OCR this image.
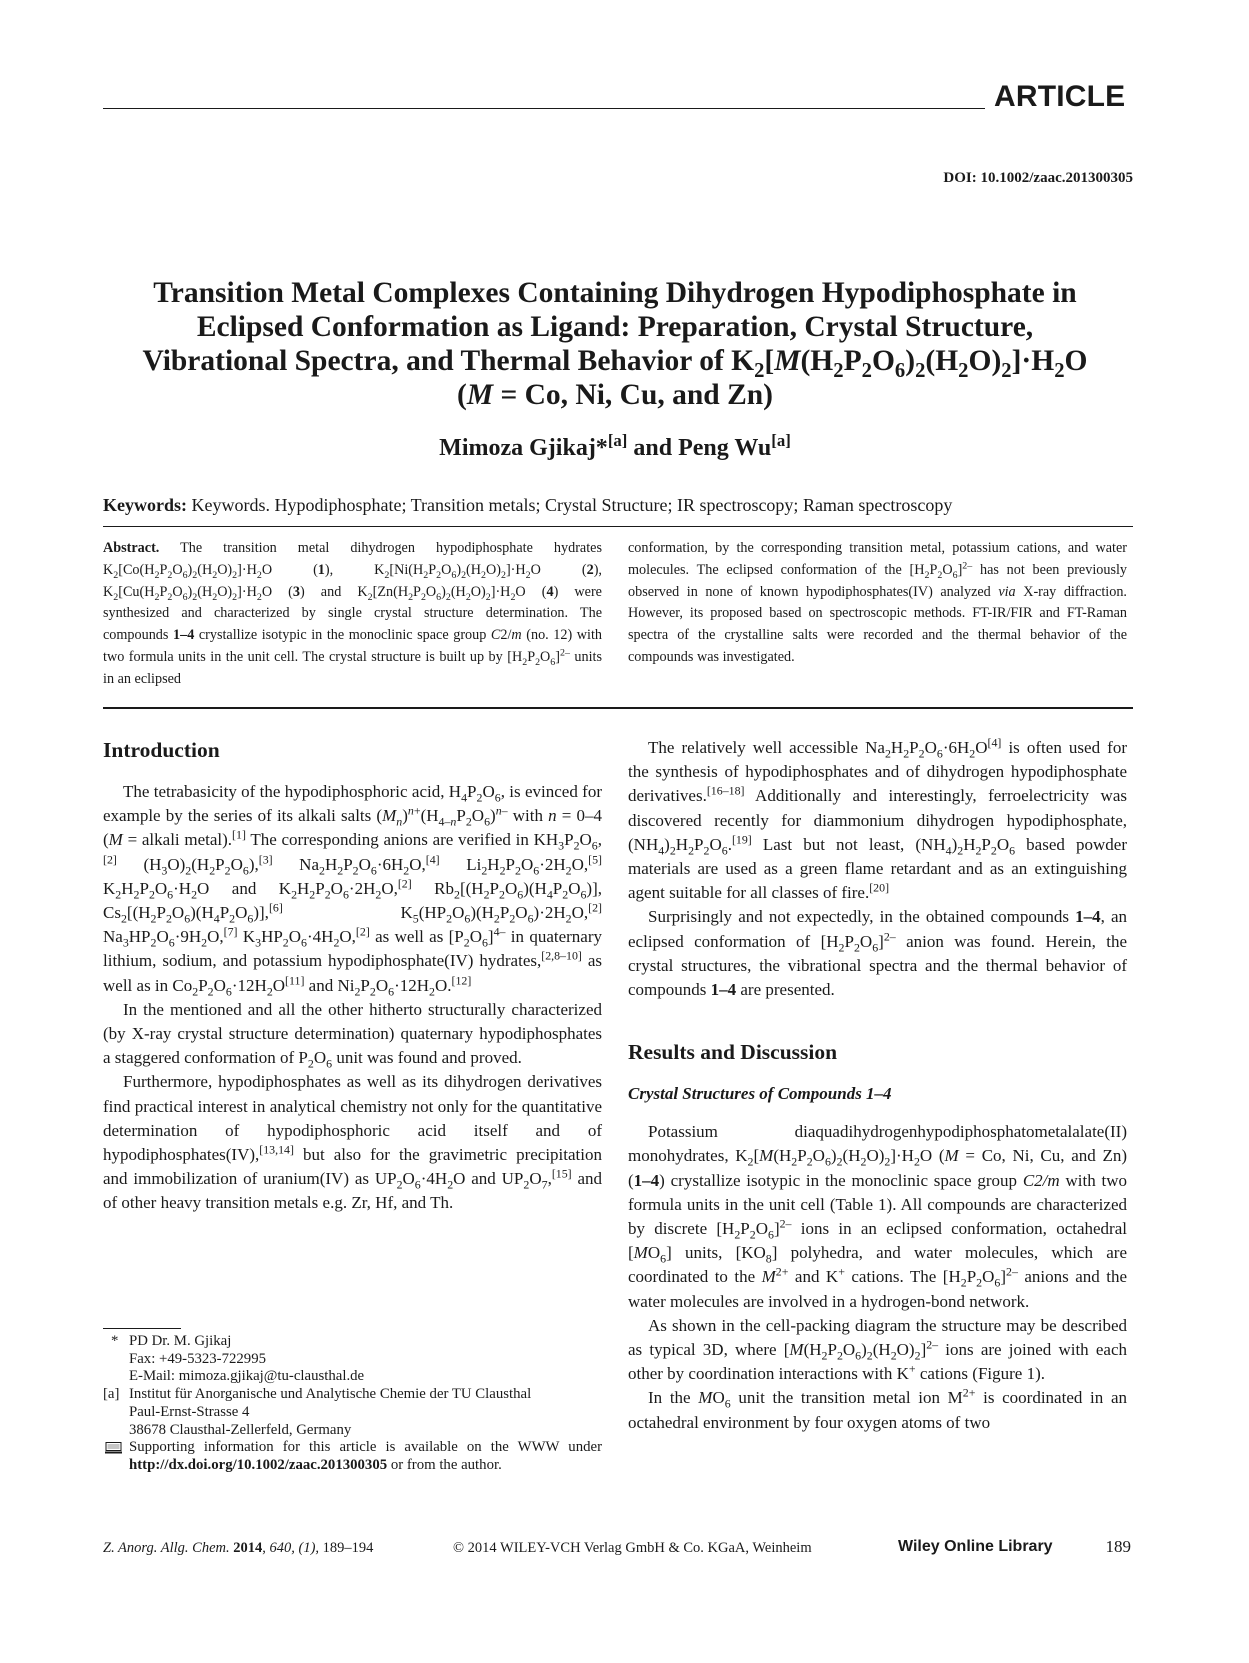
ARTICLE
DOI: 10.1002/zaac.201300305
Transition Metal Complexes Containing Dihydrogen Hypodiphosphate in
Eclipsed Conformation as Ligand: Preparation, Crystal Structure,
Vibrational Spectra, and Thermal Behavior of $K_2[M(H_2P_2O_6)_2(H_2O)_2]\cdot H_2O$
(M = Co, Ni, Cu, and Zn)
Mimoza Gjikaj*[a] and Peng Wu[a]
Keywords: Keywords. Hypodiphosphate; Transition metals; Crystal Structure; IR spectroscopy; Raman spectroscopy
Abstract. The transition metal dihydrogen hypodiphosphate hydrates $K_2[Co(H_2P_2O_6)_2(H_2O)_2]\cdot H_2O$ (1), $K_2[Ni(H_2P_2O_6)_2(H_2O)_2]\cdot H_2O$ (2), $K_2[Cu(H_2P_2O_6)_2(H_2O)_2]\cdot H_2O$ (3) and $K_2[Zn(H_2P_2O_6)_2(H_2O)_2]\cdot H_2O$ (4) were synthesized and characterized by single crystal structure determination. The compounds 1–4 crystallize isotypic in the monoclinic space group C2/m (no. 12) with two formula units in the unit cell. The crystal structure is built up by $[H_2P_2O_6]^{2-}$ units in an eclipsed
conformation, by the corresponding transition metal, potassium cations, and water molecules. The eclipsed conformation of the $[H_2P_2O_6]^{2-}$ has not been previously observed in none of known hypodiphosphates(IV) analyzed via X-ray diffraction. However, its proposed based on spectroscopic methods. FT-IR/FIR and FT-Raman spectra of the crystalline salts were recorded and the thermal behavior of the compounds was investigated.
Introduction

The tetrabasicity of the hypodiphosphoric acid, $H_4P_2O_6$, is evinced for example by the series of its alkali salts $(M_n)^{n+}(H_{4-n}P_2O_6)^{n-}$ with n = 0–4 (M = alkali metal).[1] The corresponding anions are verified in $KH_3P_2O_6,[2]$ $(H_3O)_2(H_2P_2O_6),[3]$ $Na_2H_2P_2O_6\cdot 6H_2O,[4]$ $Li_2H_2P_2O_6\cdot 2H_2O,[5]$ $K_2H_2P_2O_6\cdot H_2O$ and $K_2H_2P_2O_6\cdot 2H_2O,[2]$ $Rb_2[(H_2P_2O_6)(H_4P_2O_6)]$, $Cs_2[(H_2P_2O_6)(H_4P_2O_6)],[6]$ $K_5(HP_2O_6)(H_2P_2O_6)\cdot 2H_2O,[2]$ $Na_3HP_2O_6\cdot 9H_2O,[7]$ $K_3HP_2O_6\cdot 4H_2O,[2]$ as well as $[P_2O_6]^{4-}$ in quaternary lithium, sodium, and potassium hypodiphosphate(IV) hydrates,[2,8–10] as well as in $Co_2P_2O_6\cdot 12H_2O[11]$ and $Ni_2P_2O_6\cdot 12H_2O.[12]$

In the mentioned and all the other hitherto structurally characterized (by X-ray crystal structure determination) quaternary hypodiphosphates a staggered conformation of $P_2O_6$ unit was found and proved.

Furthermore, hypodiphosphates as well as its dihydrogen derivatives find practical interest in analytical chemistry not only for the quantitative determination of hypodiphosphoric acid itself and of hypodiphosphates(IV),[13,14] but also for the gravimetric precipitation and immobilization of uranium(IV) as $UP_2O_6\cdot 4H_2O$ and $UP_2O_7,[15]$ and of other heavy transition metals e.g. Zr, Hf, and Th.

* PD Dr. M. Gjikaj
Fax: +49-5323-722995
E-Mail: mimoza.gjikaj@tu-clausthal.de
[a] Institut für Anorganische und Analytische Chemie der TU Clausthal
Paul-Ernst-Strasse 4
38678 Clausthal-Zellerfeld, Germany
Supporting information for this article is available on the WWW under http://dx.doi.org/10.1002/zaac.201300305 or from the author.

The relatively well accessible $Na_2H_2P_2O_6\cdot 6H_2O[4]$ is often used for the synthesis of hypodiphosphates and of dihydrogen hypodiphosphate derivatives.[16–18] Additionally and interestingly, ferroelectricity was discovered recently for diammonium dihydrogen hypodiphosphate, $(NH_4)_2H_2P_2O_6.[19]$ Last but not least, $(NH_4)_2H_2P_2O_6$ based powder materials are used as a green flame retardant and as an extinguishing agent suitable for all classes of fire.[20]

Surprisingly and not expectedly, in the obtained compounds 1–4, an eclipsed conformation of $[H_2P_2O_6]^{2-}$ anion was found. Herein, the crystal structures, the vibrational spectra and the thermal behavior of compounds 1–4 are presented.

Results and Discussion
Crystal Structures of Compounds 1–4

Potassium diaquadihydrogenhypodiphosphatometalalate(II) monohydrates, $K_2[M(H_2P_2O_6)_2(H_2O)_2]\cdot H_2O$ (M = Co, Ni, Cu, and Zn) (1–4) crystallize isotypic in the monoclinic space group C2/m with two formula units in the unit cell (Table 1). All compounds are characterized by discrete $[H_2P_2O_6]^{2-}$ ions in an eclipsed conformation, octahedral $[MO_6]$ units, $[KO_8]$ polyhedra, and water molecules, which are coordinated to the $M^{2+}$ and K+ cations. The $[H_2P_2O_6]^{2-}$ anions and the water molecules are involved in a hydrogen-bond network.

As shown in the cell-packing diagram the structure may be described as typical 3D, where $[M(H_2P_2O_6)_2(H_2O)_2]^{2-}$ ions are joined with each other by coordination interactions with K+ cations (Figure 1).

In the $MO_6$ unit the transition metal ion $M^{2+}$ is coordinated in an octahedral environment by four oxygen atoms of two

Z. Anorg. Allg. Chem. 2014, 640, (1), 189–194	© 2014 WILEY-VCH Verlag GmbH & Co. KGaA, Weinheim	Wiley Online Library	189
